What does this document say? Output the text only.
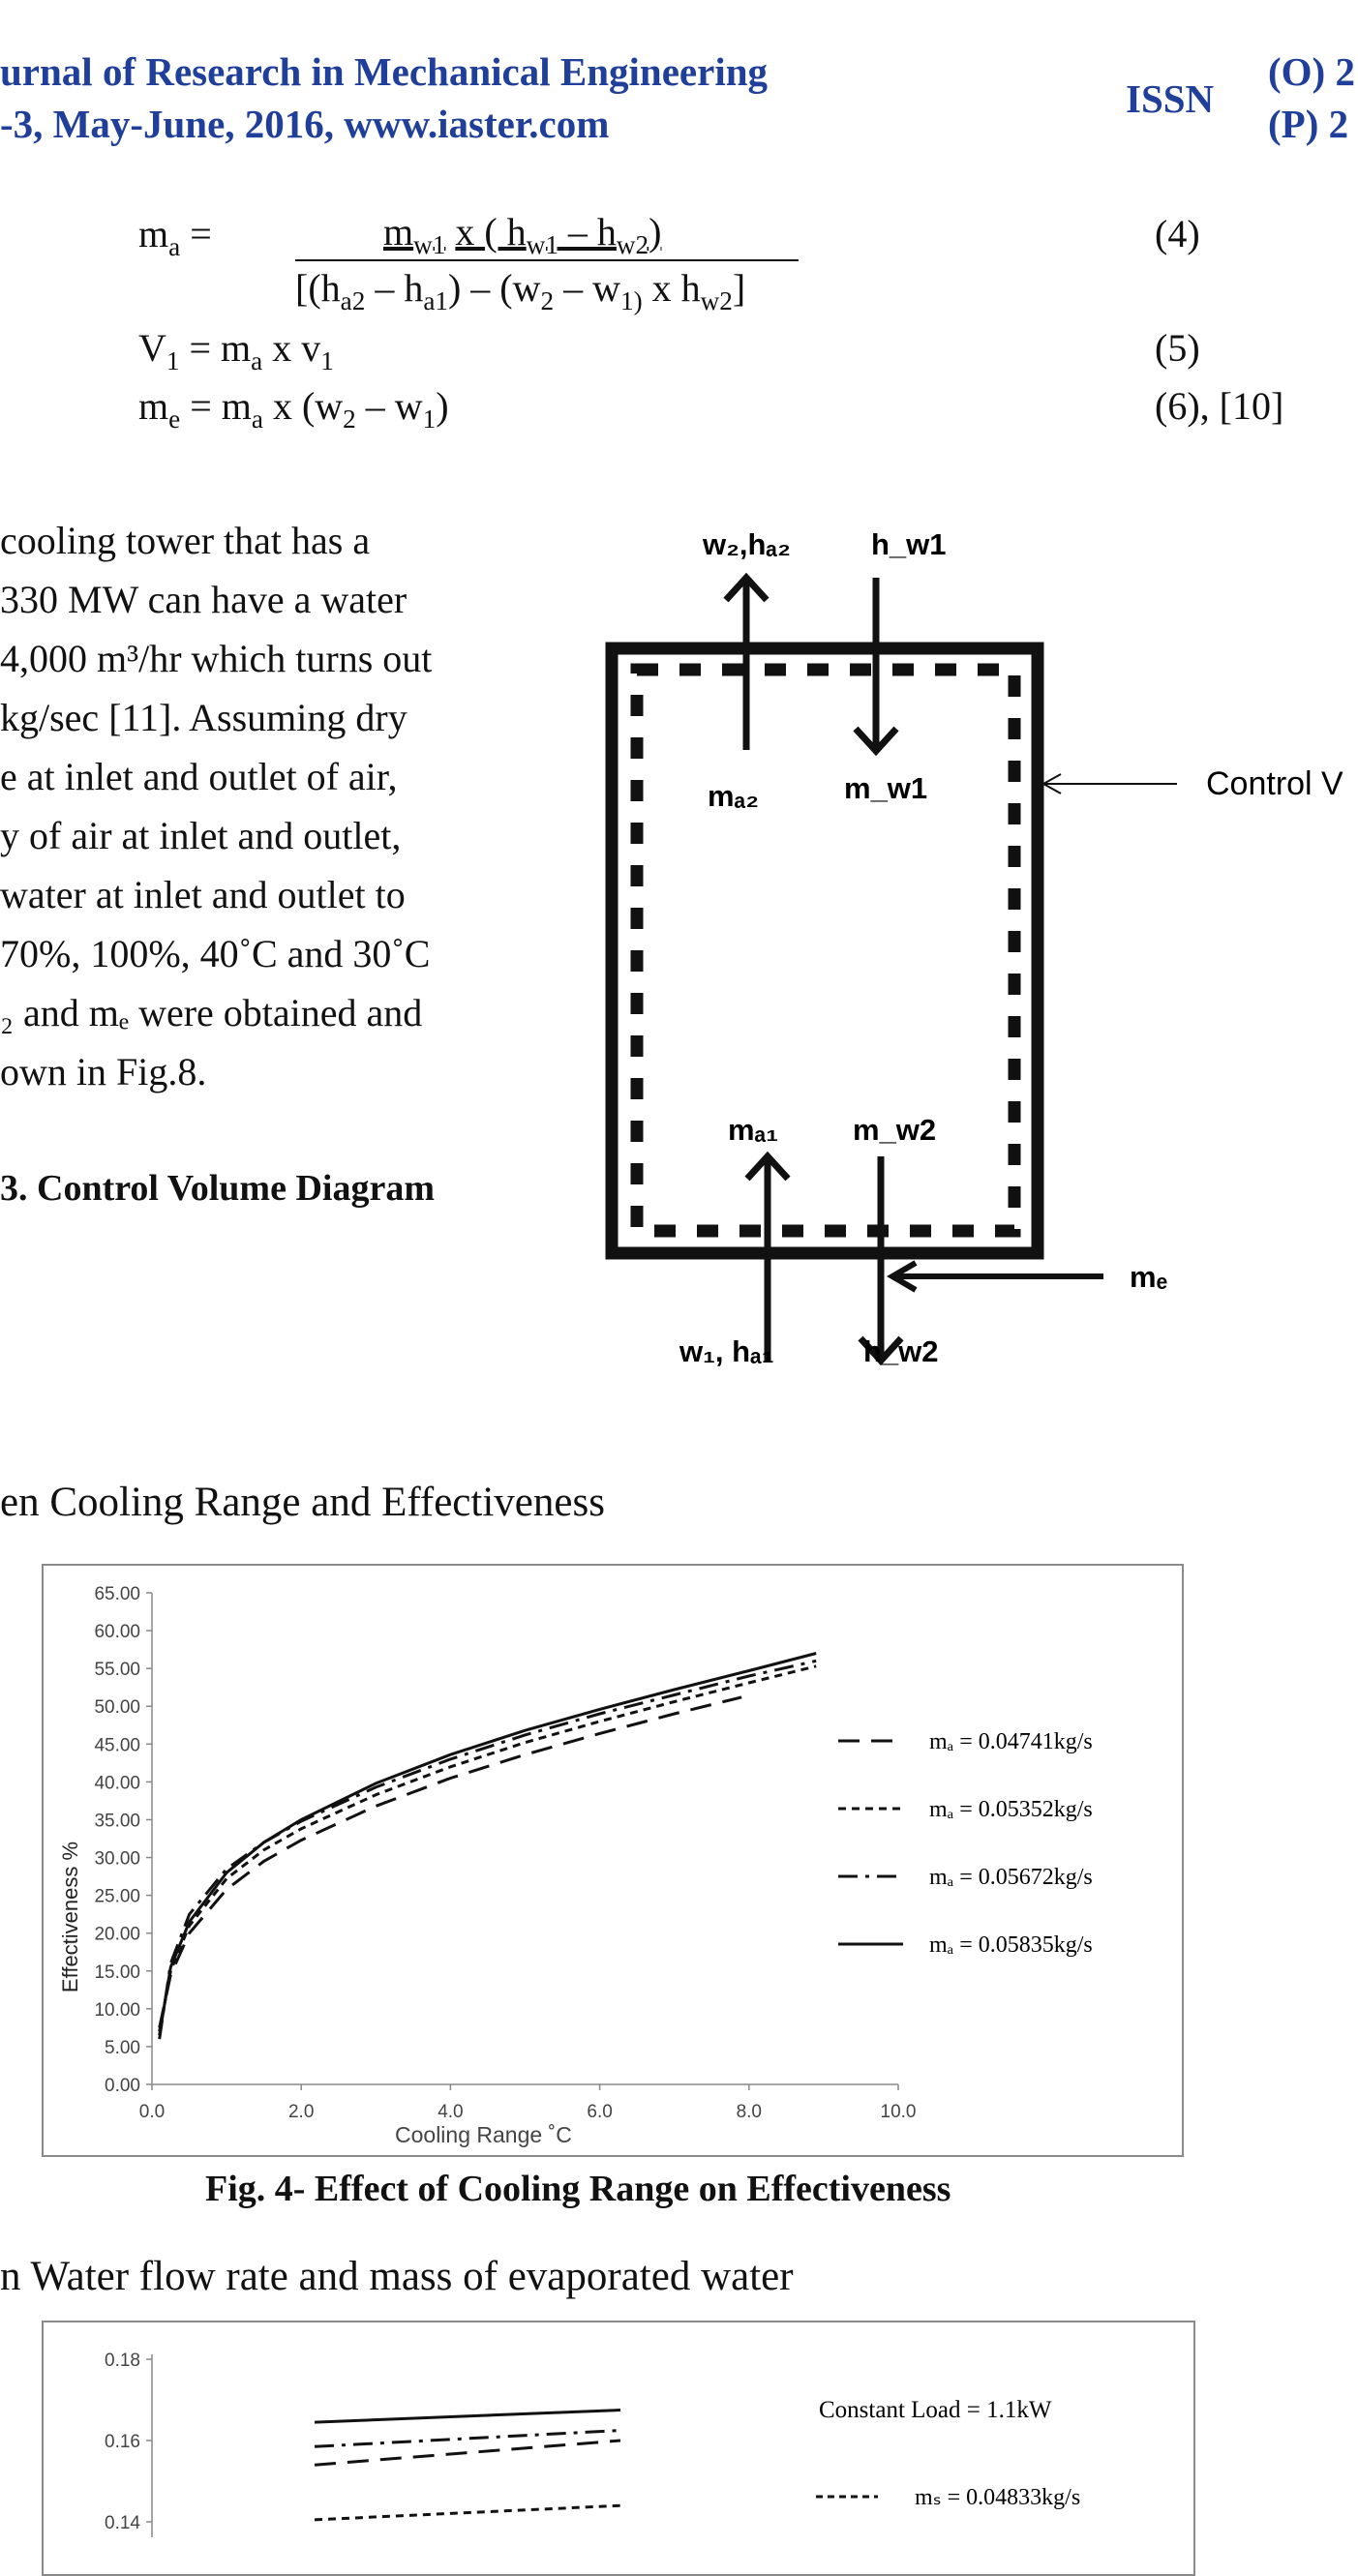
urnal of Research in Mechanical Engineering
-3, May-June, 2016, www.iaster.com
ISSN
(O) 2
(P) 2
$m_a$ =	$m_{w1}$ x ( $h_{w1} - h_{w2}$)
[$(h_{a2} - h_{a1}) - (w_2 - w_{1)}$ x $h_{w2}$]
(4)
$V_1 = m_a$ x $v_1$	(5)
$m_e = m_a$ x $(w_2 - w_1)$	(6), [10]
cooling tower that has a
330 MW can have a water
4,000 m³/hr which turns out
kg/sec [11]. Assuming dry
e at inlet and outlet of air,
y of air at inlet and outlet,
water at inlet and outlet to
70%, 100%, 40˚C and 30˚C
₂ and mₑ were obtained and
own in Fig.8.
3. Control Volume Diagram
w₂,hₐ₂	h_w1
mₐ₂	m_w1
mₐ₁ m_w2
w₁, hₐ₁	h_w2
mₑ
Control V
en Cooling Range and Effectiveness
0.00
5.00
10.00
15.00
20.00
25.00
30.00
35.00
40.00
45.00
50.00
55.00
60.00
65.00
0.0	2.0	4.0	6.0	8.0	10.0
mₐ = 0.04741kg/s
mₐ = 0.05352kg/s
mₐ = 0.05672kg/s
mₐ = 0.05835kg/s
Cooling Range ˚C
Effectiveness %
Fig. 4- Effect of Cooling Range on Effectiveness
n Water flow rate and mass of evaporated water
0.18
0.16
0.14
Constant Load = 1.1kW
mₛ = 0.04833kg/s
